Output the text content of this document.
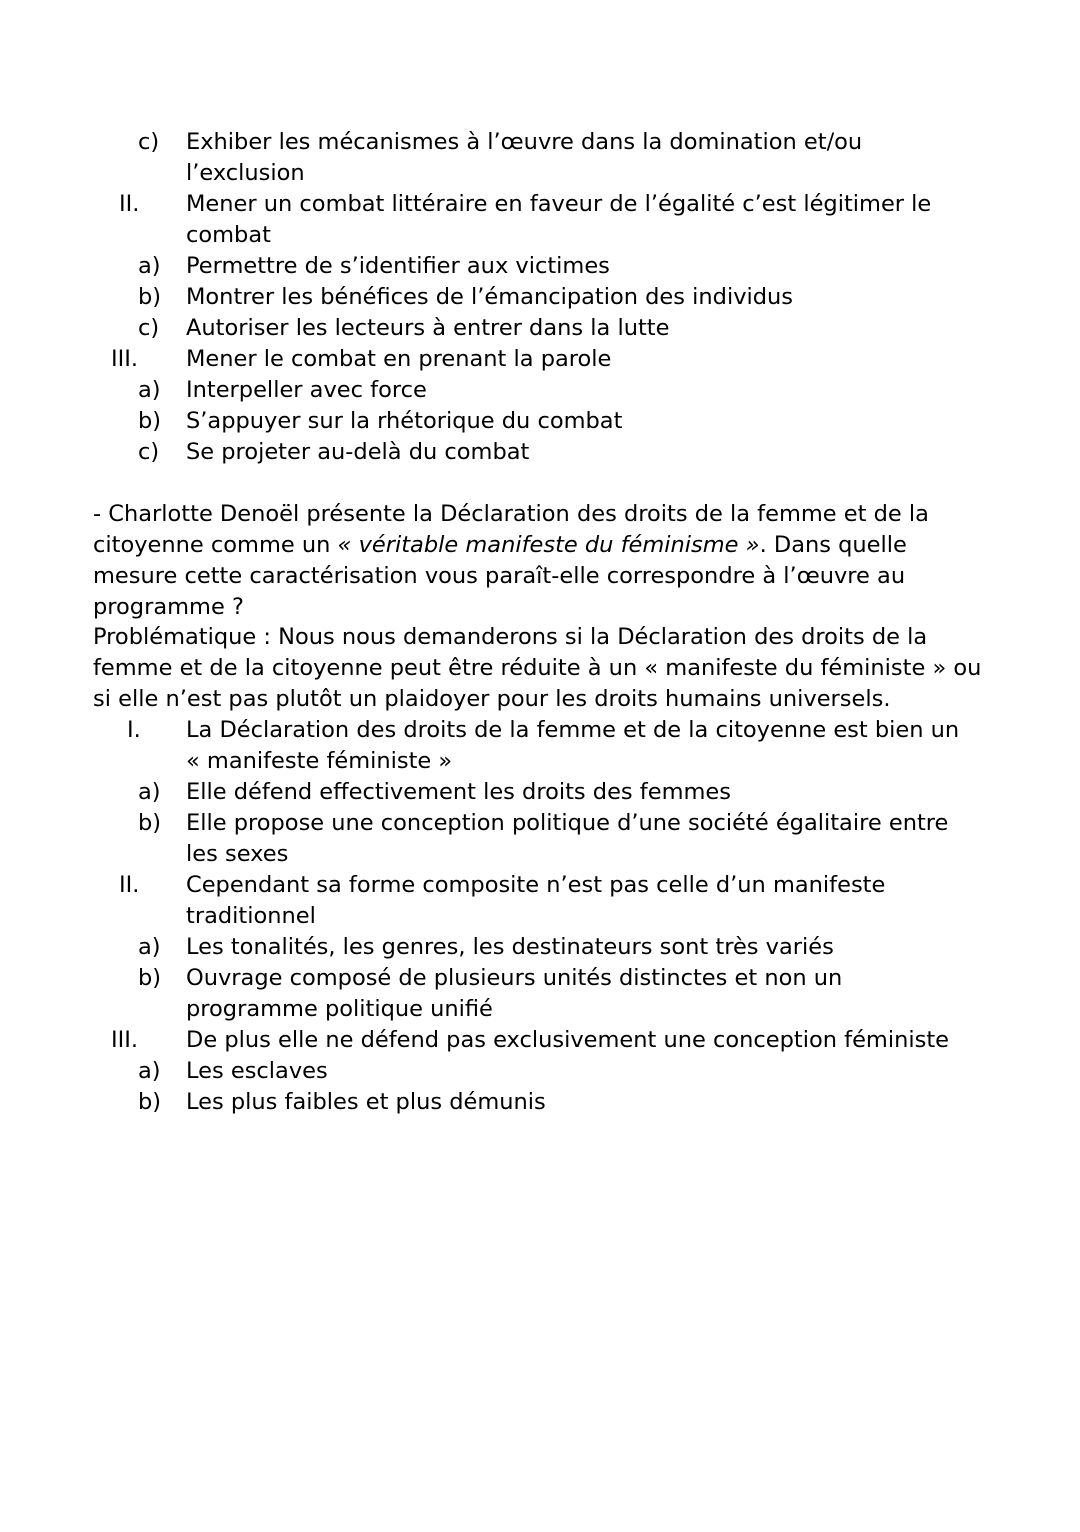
c) Exhiber les mécanismes à l’œuvre dans la domination et/ou
l’exclusion
II. Mener un combat littéraire en faveur de l’égalité c’est légitimer le
combat
a) Permettre de s’identifier aux victimes
b) Montrer les bénéfices de l’émancipation des individus
c) Autoriser les lecteurs à entrer dans la lutte
III. Mener le combat en prenant la parole
a) Interpeller avec force
b) S’appuyer sur la rhétorique du combat
c) Se projeter au-delà du combat
- Charlotte Denoël présente la Déclaration des droits de la femme et de la citoyenne comme un « véritable manifeste du féminisme ». Dans quelle mesure cette caractérisation vous paraît-elle correspondre à l’œuvre au programme ?
Problématique : Nous nous demanderons si la Déclaration des droits de la femme et de la citoyenne peut être réduite à un « manifeste du féministe » ou si elle n’est pas plutôt un plaidoyer pour les droits humains universels.
I. La Déclaration des droits de la femme et de la citoyenne est bien un
« manifeste féministe »
a) Elle défend effectivement les droits des femmes
b) Elle propose une conception politique d’une société égalitaire entre
les sexes
II. Cependant sa forme composite n’est pas celle d’un manifeste
traditionnel
a) Les tonalités, les genres, les destinateurs sont très variés
b) Ouvrage composé de plusieurs unités distinctes et non un
programme politique unifié
III. De plus elle ne défend pas exclusivement une conception féministe
a) Les esclaves
b) Les plus faibles et plus démunis
